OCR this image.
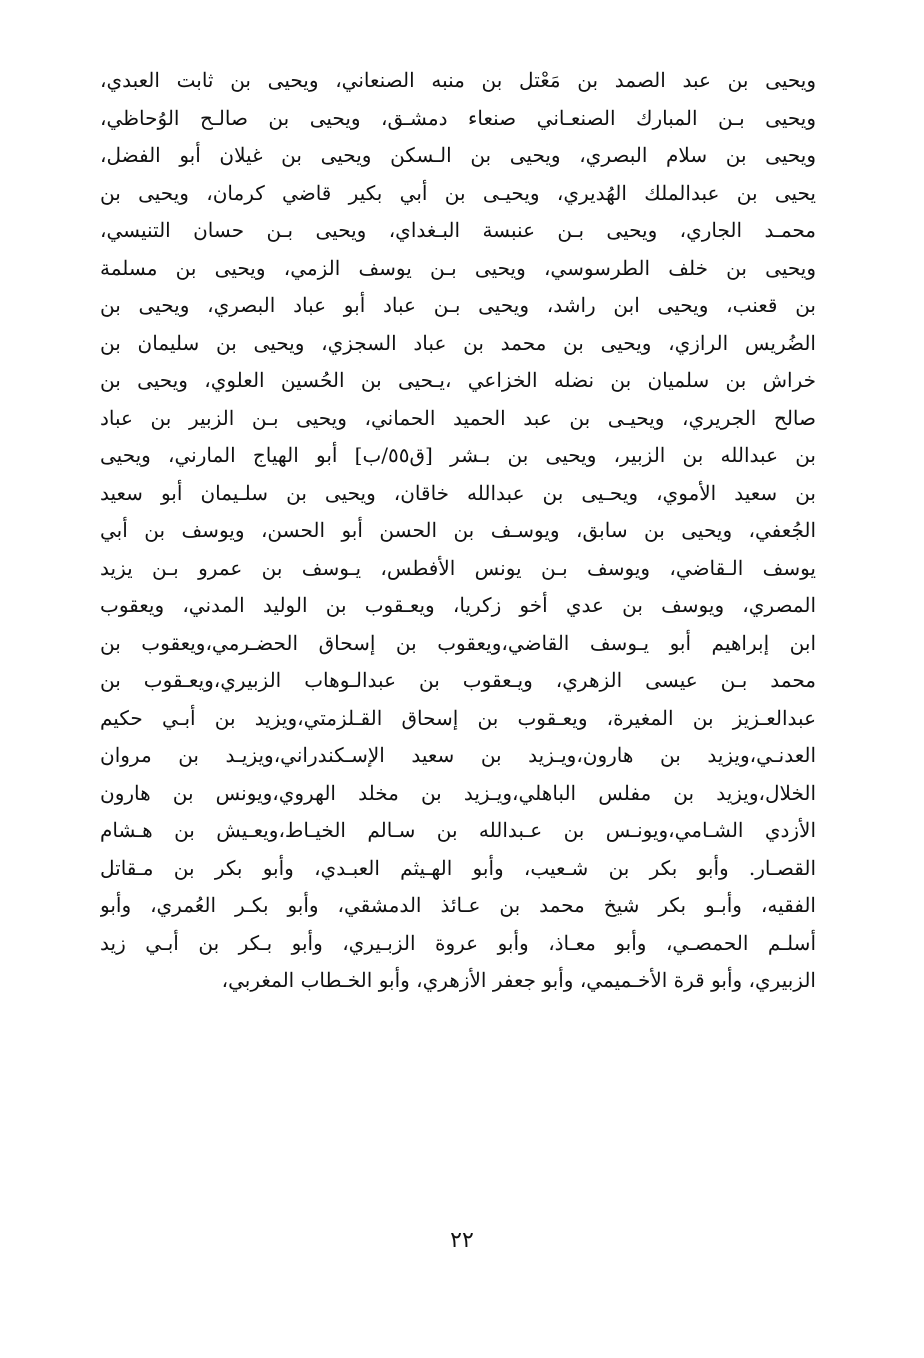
ويحيى بن عبد الصمد بن مَعْتل بن منبه الصنعاني، ويحيى بن ثابت العبدي،
ويحيى بـن المبارك الصنعـاني صنعاء دمشـق، ويحيى بن صالـح الوُحاظي،
ويحيى بن سلام البصري، ويحيى بن الـسكن ويحيى بن غيلان أبو الفضل،
يحيى بن عبدالملك الهُديري، ويحيـى بن أبي بكير قاضي كرمان، ويحيى بن
محمـد الجاري، ويحيى بـن عنبسة البـغداي، ويحيى بـن حسان التنيسي،
ويحيى بن خلف الطرسوسي، ويحيى بـن يوسف الزمي، ويحيى بن مسلمة
بن قعنب، ويحيى ابن راشد، ويحيى بـن عباد أبو عباد البصري، ويحيى بن
الضُريس الرازي، ويحيى بن محمد بن عباد السجزي، ويحيى بن سليمان بن
خراش بن سلميان بن نضله الخزاعي ،يـحيى بن الحُسين العلوي، ويحيى بن
صالح الجريري، ويحيـى بن عبد الحميد الحماني، ويحيى بـن الزبير بن عباد
بن عبدالله بن الزبير، ويحيى بن بـشر [ق٥٥/ب] أبو الهياج المارني، ويحيى
بن سعيد الأموي، ويحـيى بن عبدالله خاقان، ويحيى بن سلـيمان أبو سعيد
الجُعفي، ويحيى بن سابق، ويوسـف بن الحسن أبو الحسن، ويوسف بن أبي
يوسف الـقاضي، ويوسف بـن يونس الأفطس، يـوسف بن عمرو بـن يزيد
المصري، ويوسف بن عدي أخو زكريا، ويعـقوب بن الوليد المدني، ويعقوب
ابن إبراهيم أبو يـوسف القاضي،ويعقوب بن إسحاق الحضـرمي،ويعقوب بن
محمد بـن عيسى الزهري، ويـعقوب بن عبدالـوهاب الزبيري،ويعـقوب بن
عبدالعـزيز بن المغيرة، ويعـقوب بن إسحاق القـلزمتي،ويزيد بن أبـي حكيم
العدنـي،ويزيد بن هارون،ويـزيد بن سعيد الإسـكندراني،ويزيـد بن مروان
الخلال،ويزيد بن مفلس الباهلي،ويـزيد بن مخلد الهروي،ويونس بن هارون
الأزدي الشـامي،ويونـس بن عـبدالله بن سـالم الخيـاط،ويعـيش بن هـشام
القصـار. وأبو بكر بن شـعيب، وأبو الهـيثم العبـدي، وأبو بكر بن مـقاتل
الفقيه، وأبـو بكر شيخ محمد بن عـائذ الدمشقي، وأبو بكـر العُمري، وأبو
أسلـم الحمصـي، وأبو معـاذ، وأبو عروة الزبـيري، وأبو بـكر بن أبـي زيد
الزبيري، وأبو قرة الأخـميمي، وأبو جعفر الأزهري، وأبو الخـطاب المغربي،
٢٢
